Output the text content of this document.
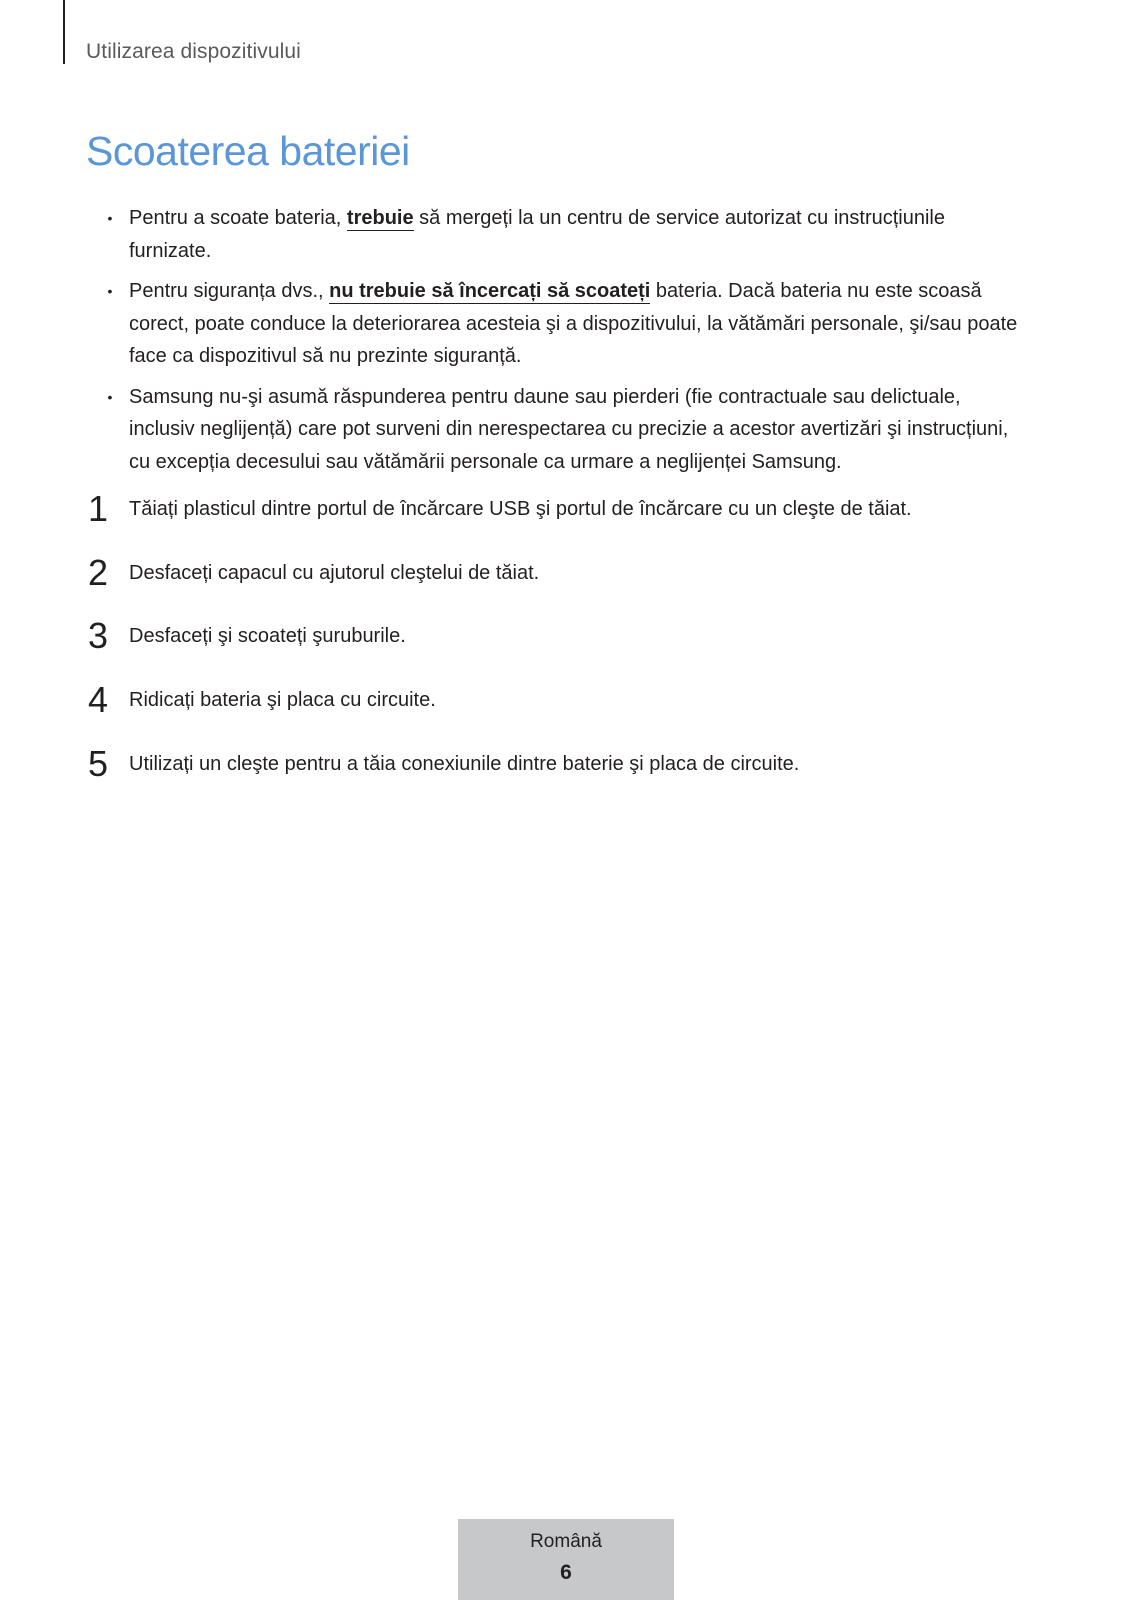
Utilizarea dispozitivului
Scoaterea bateriei
• Pentru a scoate bateria, trebuie să mergeți la un centru de service autorizat cu instrucțiunile furnizate.
• Pentru siguranța dvs., nu trebuie să încercați să scoateți bateria. Dacă bateria nu este scoasă corect, poate conduce la deteriorarea acesteia şi a dispozitivului, la vătămări personale, şi/sau poate face ca dispozitivul să nu prezinte siguranță.
• Samsung nu-şi asumă răspunderea pentru daune sau pierderi (fie contractuale sau delictuale, inclusiv neglijență) care pot surveni din nerespectarea cu precizie a acestor avertizări şi instrucțiuni, cu excepția decesului sau vătămării personale ca urmare a neglijenței Samsung.
1 Tăiați plasticul dintre portul de încărcare USB şi portul de încărcare cu un cleşte de tăiat.
2 Desfaceți capacul cu ajutorul cleştelui de tăiat.
3 Desfaceți şi scoateți şuruburile.
4 Ridicați bateria şi placa cu circuite.
5 Utilizați un cleşte pentru a tăia conexiunile dintre baterie şi placa de circuite.
Română
6
